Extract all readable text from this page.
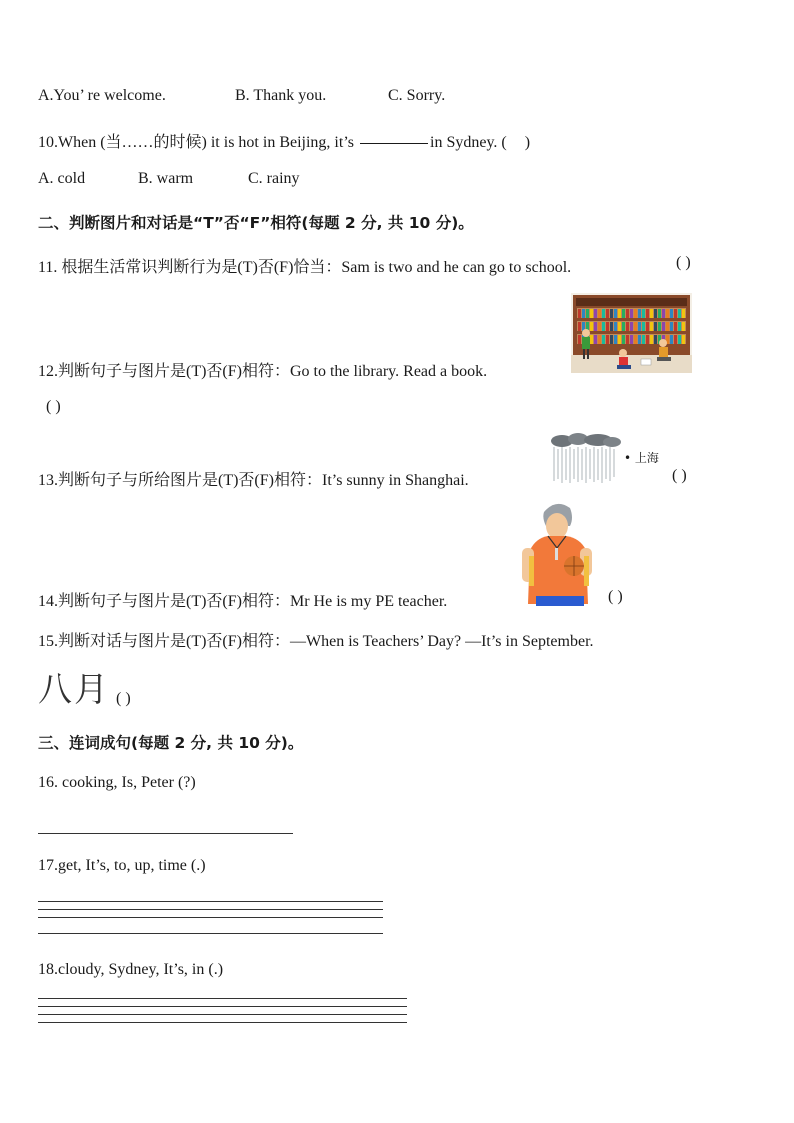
A.You’ re welcome.	B. Thank you.	C. Sorry.
10.When (当……的时候) it is hot in Beijing, it’s	in Sydney. ( )
A. cold	B. warm	C. rainy
二、判断图片和对话是“T”否“F”相符(每题 2 分, 共 10 分)。
11. 根据生活常识判断行为是(T)否(F)恰当：Sam is two and he can go to school.	( )
12.判断句子与图片是(T)否(F)相符：Go to the library. Read a book.
( )
• 上海
13.判断句子与所给图片是(T)否(F)相符：It’s sunny in Shanghai.	( )
14.判断句子与图片是(T)否(F)相符：Mr He is my PE teacher.	( )
15.判断对话与图片是(T)否(F)相符：—When is Teachers’ Day? —It’s in September.
八月 ( )
三、连词成句(每题 2 分, 共 10 分)。
16. cooking, Is, Peter (?)
17.get, It’s, to, up, time (.)
18.cloudy, Sydney, It’s, in (.)
